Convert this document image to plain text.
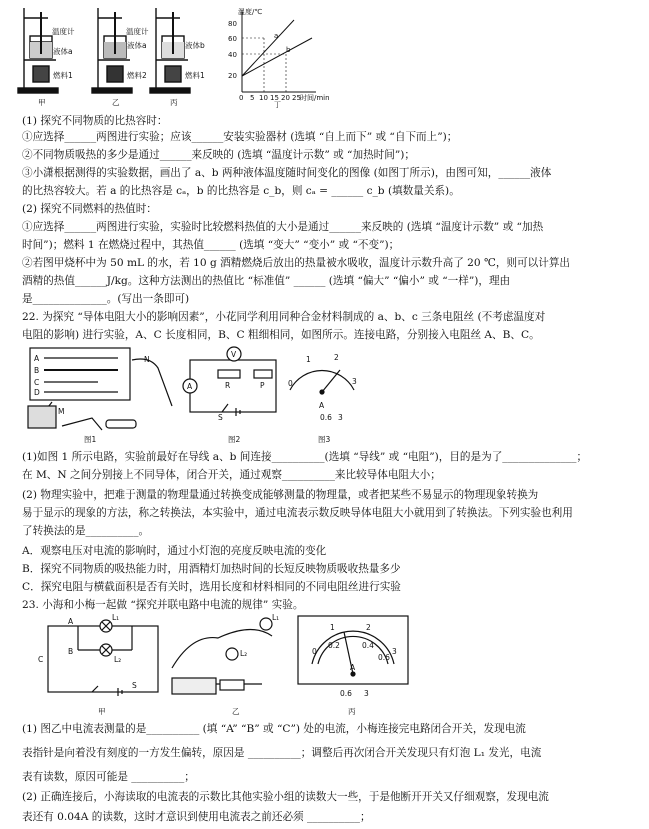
温度计	温度计
液体a
液体a	液体b
燃料1	燃料2	燃料1
甲	乙	丙
温度/℃
80
60
40
20
0 5 10 15 20 25 时间/min
a
b
丁
(1) 探究不同物质的比热容时：
①应选择______两图进行实验；应该______安装实验器材 (选填 “自上而下” 或 “自下而上”)；
②不同物质吸热的多少是通过______来反映的 (选填 “温度计示数” 或 “加热时间”)；
③小潇根据测得的实验数据，画出了 a、b 两种液体温度随时间变化的图像 (如图丁所示)，由图可知，______液体
的比热容较大。若 a 的比热容是 cₐ，b 的比热容是 c_b，则 cₐ = ______ c_b (填数量关系)。
(2) 探究不同燃料的热值时：
①应选择______两图进行实验，实验时比较燃料热值的大小是通过______来反映的 (选填 “温度计示数” 或 “加热
时间”)；燃料 1 在燃烧过程中，其热值______ (选填 “变大” “变小” 或 “不变”)；
②若图甲烧杯中为 50 mL 的水，若 10 g 酒精燃烧后放出的热量被水吸收，温度计示数升高了 20 ℃，则可以计算出
酒精的热值______J/kg。这种方法测出的热值比 “标准值” ______ (选填 “偏大” “偏小” 或 “一样”)，理由
是______________。(写出一条即可)
22. 为探究 “导体电阻大小的影响因素”，小花同学利用同种合金材料制成的 a、b、c 三条电阻丝 (不考虑温度对
电阻的影响) 进行实验，A、C 长度相同，B、C 粗细相同，如图所示。连接电路，分别接入电阻丝 A、B、C。
A
B
C
D
M
N
V
A	R	P
S
0
1	2
3
A
0.6 3
图1	图2	图3
(1)如图 1 所示电路，实验前最好在导线 a、b 间连接__________(选填 “导线” 或 “电阻”)，目的是为了______________；
在 M、N 之间分别接上不同导体，闭合开关，通过观察__________来比较导体电阻大小；
(2) 物理实验中，把难于测量的物理量通过转换变成能够测量的物理量，或者把某些不易显示的物理现象转换为
易于显示的现象的方法，称之转换法，本实验中，通过电流表示数反映导体电阻大小就用到了转换法。下列实验也利用
了转换法的是__________。
A．观察电压对电流的影响时，通过小灯泡的亮度反映电流的变化
B．探究不同物质的吸热能力时，用酒精灯加热时间的长短反映物质吸收热量多少
C．探究电阻与横截面积是否有关时，选用长度和材料相同的不同电阻丝进行实验
23. 小海和小梅一起做 “探究并联电路中电流的规律” 实验。
A
B
C
L₁
L₂
S
L₁
L₂	0
1	2
3
0.2	0.4
0.6
A
0.6 3
甲	乙	丙
(1) 图乙中电流表测量的是__________ (填 “A” “B” 或 “C”) 处的电流，小梅连接完电路闭合开关，发现电流
表指针是向着没有刻度的一方发生偏转，原因是 __________；调整后再次闭合开关发现只有灯泡 L₁ 发光，电流
表有读数，原因可能是 __________；
(2) 正确连接后，小海读取的电流表的示数比其他实验小组的读数大一些，于是他断开开关又仔细观察，发现电流
表还有 0.04A 的读数，这时才意识到使用电流表之前还必须 __________；
